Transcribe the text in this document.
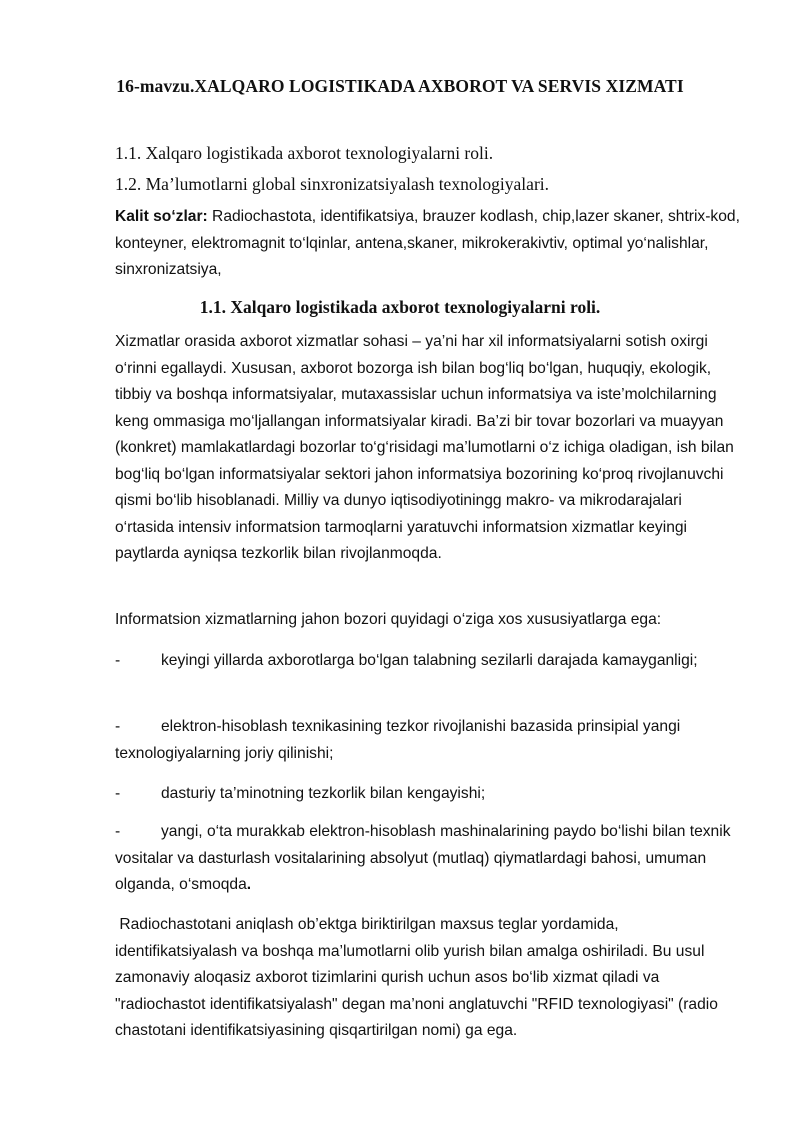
16-mavzu.XALQARO LOGISTIKADA AXBOROT VA SERVIS XIZMATI
1.1. Xalqaro logistikada axborot texnologiyalarni roli.
1.2. Ma’lumotlarni global sinxronizatsiyalash texnologiyalari.

Kalit so‘zlar: Radiochastota, identifikatsiya, brauzer kodlash, chip,lazer skaner, shtrix-kod, konteyner, elektromagnit to‘lqinlar, antena,skaner, mikrokerakivtiv, optimal yo‘nalishlar, sinxronizatsiya,

1.1. Xalqaro logistikada axborot texnologiyalarni roli.

Xizmatlar orasida axborot xizmatlar sohasi – ya’ni har xil informatsiyalarni sotish oxirgi o‘rinni egallaydi. Xususan, axborot bozorga ish bilan bog‘liq bo‘lgan, huquqiy, ekologik, tibbiy va boshqa informatsiyalar, mutaxassislar uchun informatsiya va iste’molchilarning keng ommasiga mo‘ljallangan informatsiyalar kiradi. Ba’zi bir tovar bozorlari va muayyan (konkret) mamlakatlardagi bozorlar to‘g‘risidagi ma’lumotlarni o‘z ichiga oladigan, ish bilan bog‘liq bo‘lgan informatsiyalar sektori jahon informatsiya bozorining ko‘proq rivojlanuvchi qismi bo‘lib hisoblanadi. Milliy va dunyo iqtisodiyotiningg makro- va mikrodarajalari o‘rtasida intensiv informatsion tarmoqlarni yaratuvchi informatsion xizmatlar keyingi paytlarda ayniqsa tezkorlik bilan rivojlanmoqda.

Informatsion xizmatlarning jahon bozori quyidagi o‘ziga xos xususiyatlarga ega:

-	keyingi yillarda axborotlarga bo‘lgan talabning sezilarli darajada kamayganligi;

-	elektron-hisoblash texnikasining tezkor rivojlanishi bazasida prinsipial yangi texnologiyalarning joriy qilinishi;

-	dasturiy ta’minotning tezkorlik bilan kengayishi;

-	yangi, o‘ta murakkab elektron-hisoblash mashinalarining paydo bo‘lishi bilan texnik vositalar va dasturlash vositalarining absolyut (mutlaq) qiymatlardagi bahosi, umuman olganda, o‘smoqda.

Radiochastotani aniqlash ob’ektga biriktirilgan maxsus teglar yordamida, identifikatsiyalash va boshqa ma’lumotlarni olib yurish bilan amalga oshiriladi. Bu usul zamonaviy aloqasiz axborot tizimlarini qurish uchun asos bo‘lib xizmat qiladi va "radiochastot identifikatsiyalash" degan ma’noni anglatuvchi "RFID texnologiyasi" (radio chastotani identifikatsiyasining qisqartirilgan nomi) ga ega.
